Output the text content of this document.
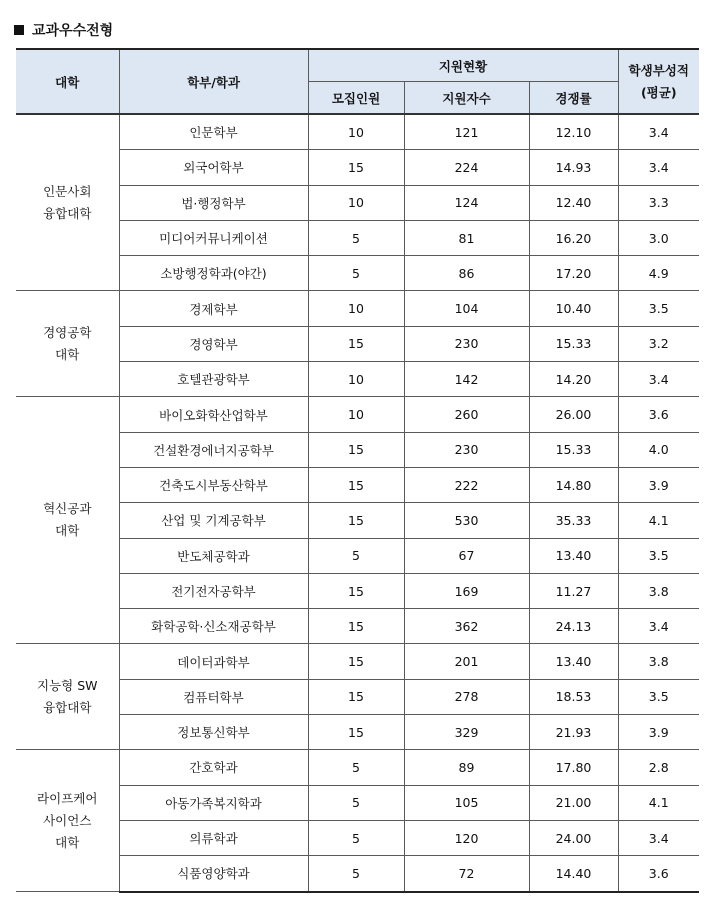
교과우수전형
대학	학부/학과	지원현황			학생부성적
(평균)
		모집인원	지원자수	경쟁률	
인문사회
융합대학	인문학부	10	121	12.10	3.4
	외국어학부	15	224	14.93	3.4
	법·행정학부	10	124	12.40	3.3
	미디어커뮤니케이션	5	81	16.20	3.0
	소방행정학과(야간)	5	86	17.20	4.9
경영공학
대학	경제학부	10	104	10.40	3.5
	경영학부	15	230	15.33	3.2
	호텔관광학부	10	142	14.20	3.4
혁신공과
대학	바이오화학산업학부	10	260	26.00	3.6
	건설환경에너지공학부	15	230	15.33	4.0
	건축도시부동산학부	15	222	14.80	3.9
	산업 및 기계공학부	15	530	35.33	4.1
	반도체공학과	5	67	13.40	3.5
	전기전자공학부	15	169	11.27	3.8
	화학공학·신소재공학부	15	362	24.13	3.4
지능형 SW
융합대학	데이터과학부	15	201	13.40	3.8
	컴퓨터학부	15	278	18.53	3.5
	정보통신학부	15	329	21.93	3.9
라이프케어
사이언스
대학	간호학과	5	89	17.80	2.8
	아동가족복지학과	5	105	21.00	4.1
	의류학과	5	120	24.00	3.4
	식품영양학과	5	72	14.40	3.6
